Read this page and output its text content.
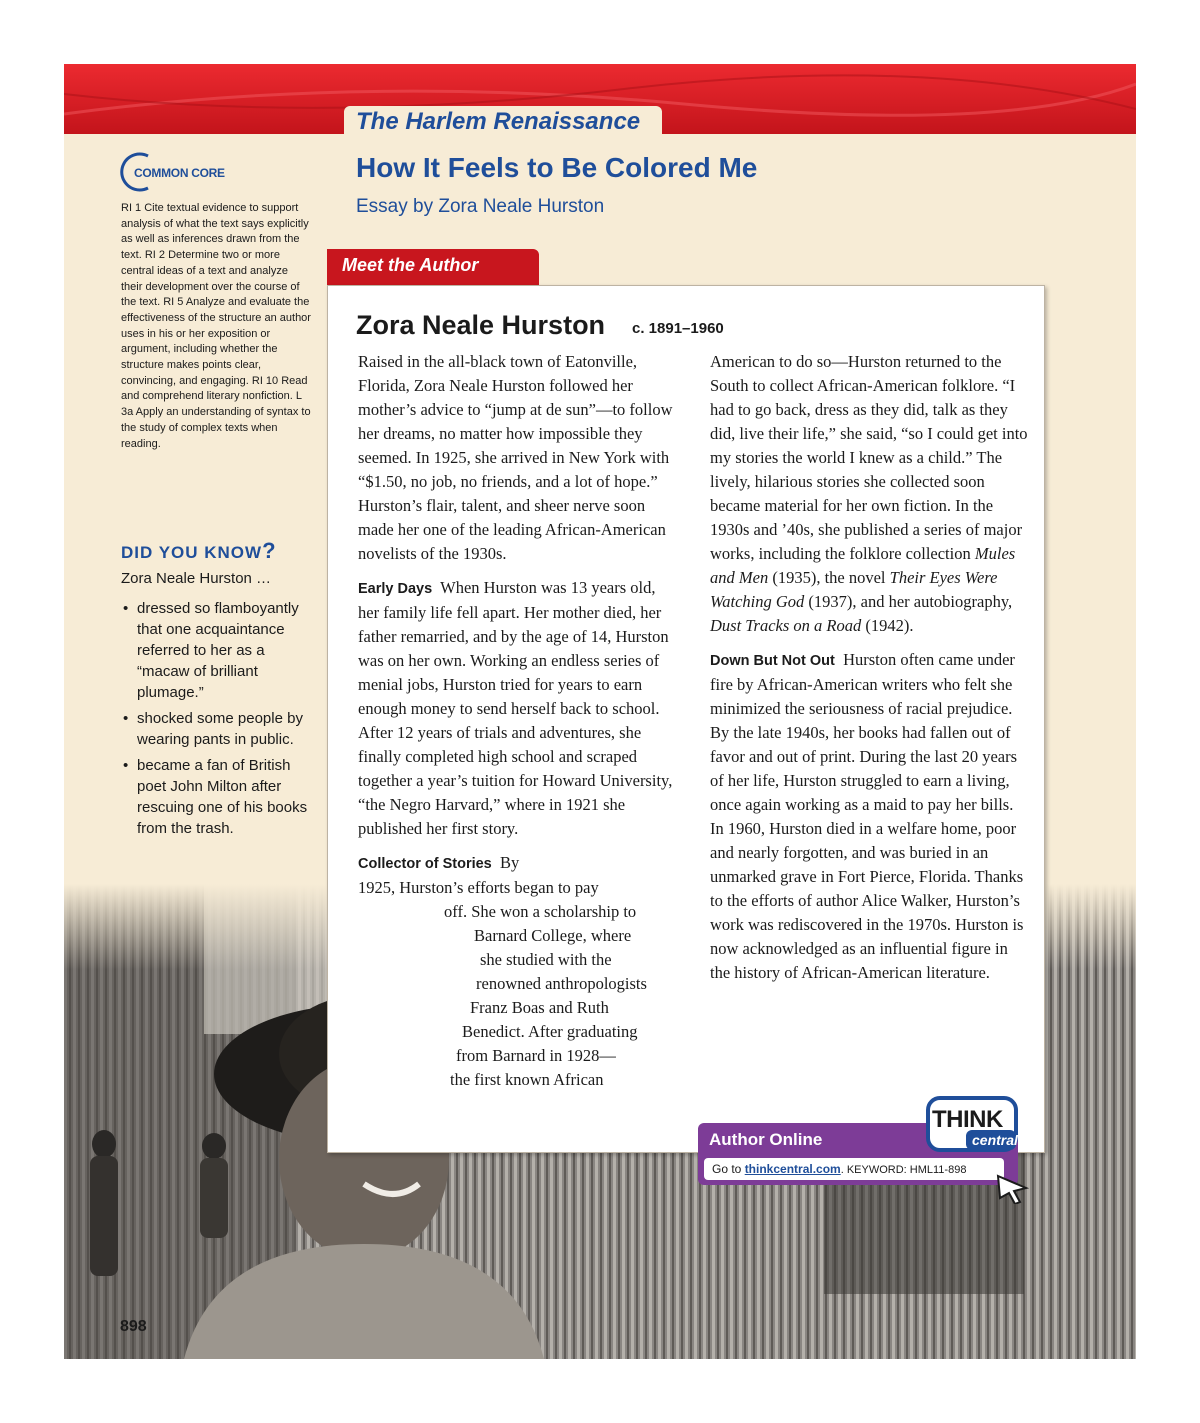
The Harlem Renaissance
How It Feels to Be Colored Me
Essay by Zora Neale Hurston
COMMON CORE
RI 1 Cite textual evidence to support analysis of what the text says explicitly as well as inferences drawn from the text. RI 2 Determine two or more central ideas of a text and analyze their development over the course of the text. RI 5 Analyze and evaluate the effectiveness of the structure an author uses in his or her exposition or argument, including whether the structure makes points clear, convincing, and engaging. RI 10 Read and comprehend literary nonfiction. L 3a Apply an understanding of syntax to the study of complex texts when reading.
DID YOU KNOW?
Zora Neale Hurston …
• dressed so flamboyantly that one acquaintance referred to her as a “macaw of brilliant plumage.”
• shocked some people by wearing pants in public.
• became a fan of British poet John Milton after rescuing one of his books from the trash.
Meet the Author
Zora Neale Hurston c. 1891–1960

Raised in the all-black town of Eatonville, Florida, Zora Neale Hurston followed her mother’s advice to “jump at de sun”—to follow her dreams, no matter how impossible they seemed. In 1925, she arrived in New York with “$1.50, no job, no friends, and a lot of hope.” Hurston’s flair, talent, and sheer nerve soon made her one of the leading African-American novelists of the 1930s.

Early Days When Hurston was 13 years old, her family life fell apart. Her mother died, her father remarried, and by the age of 14, Hurston was on her own. Working an endless series of menial jobs, Hurston tried for years to earn enough money to send herself back to school. After 12 years of trials and adventures, she finally completed high school and scraped together a year’s tuition for Howard University, “the Negro Harvard,” where in 1921 she published her first story.

Collector of Stories By
1925, Hurston’s efforts began to pay
off. She won a scholarship to
Barnard College, where
she studied with the
renowned anthropologists
Franz Boas and Ruth
Benedict. After graduating
from Barnard in 1928—
the first known African

American to do so—Hurston returned to the South to collect African-American folklore. “I had to go back, dress as they did, talk as they did, live their life,” she said, “so I could get into my stories the world I knew as a child.” The lively, hilarious stories she collected soon became material for her own fiction. In the 1930s and ’40s, she published a series of major works, including the folklore collection Mules and Men (1935), the novel Their Eyes Were Watching God (1937), and her autobiography, Dust Tracks on a Road (1942).

Down But Not Out Hurston often came under fire by African-American writers who felt she minimized the seriousness of racial prejudice. By the late 1940s, her books had fallen out of favor and out of print. During the last 20 years of her life, Hurston struggled to earn a living, once again working as a maid to pay her bills. In 1960, Hurston died in a welfare home, poor and nearly forgotten, and was buried in an unmarked grave in Fort Pierce, Florida. Thanks to the efforts of author Alice Walker, Hurston’s work was rediscovered in the 1970s. Hurston is now acknowledged as an influential figure in the history of African-American literature.

Author Online
Go to thinkcentral.com. KEYWORD: HML11-898
THINK
central
898
